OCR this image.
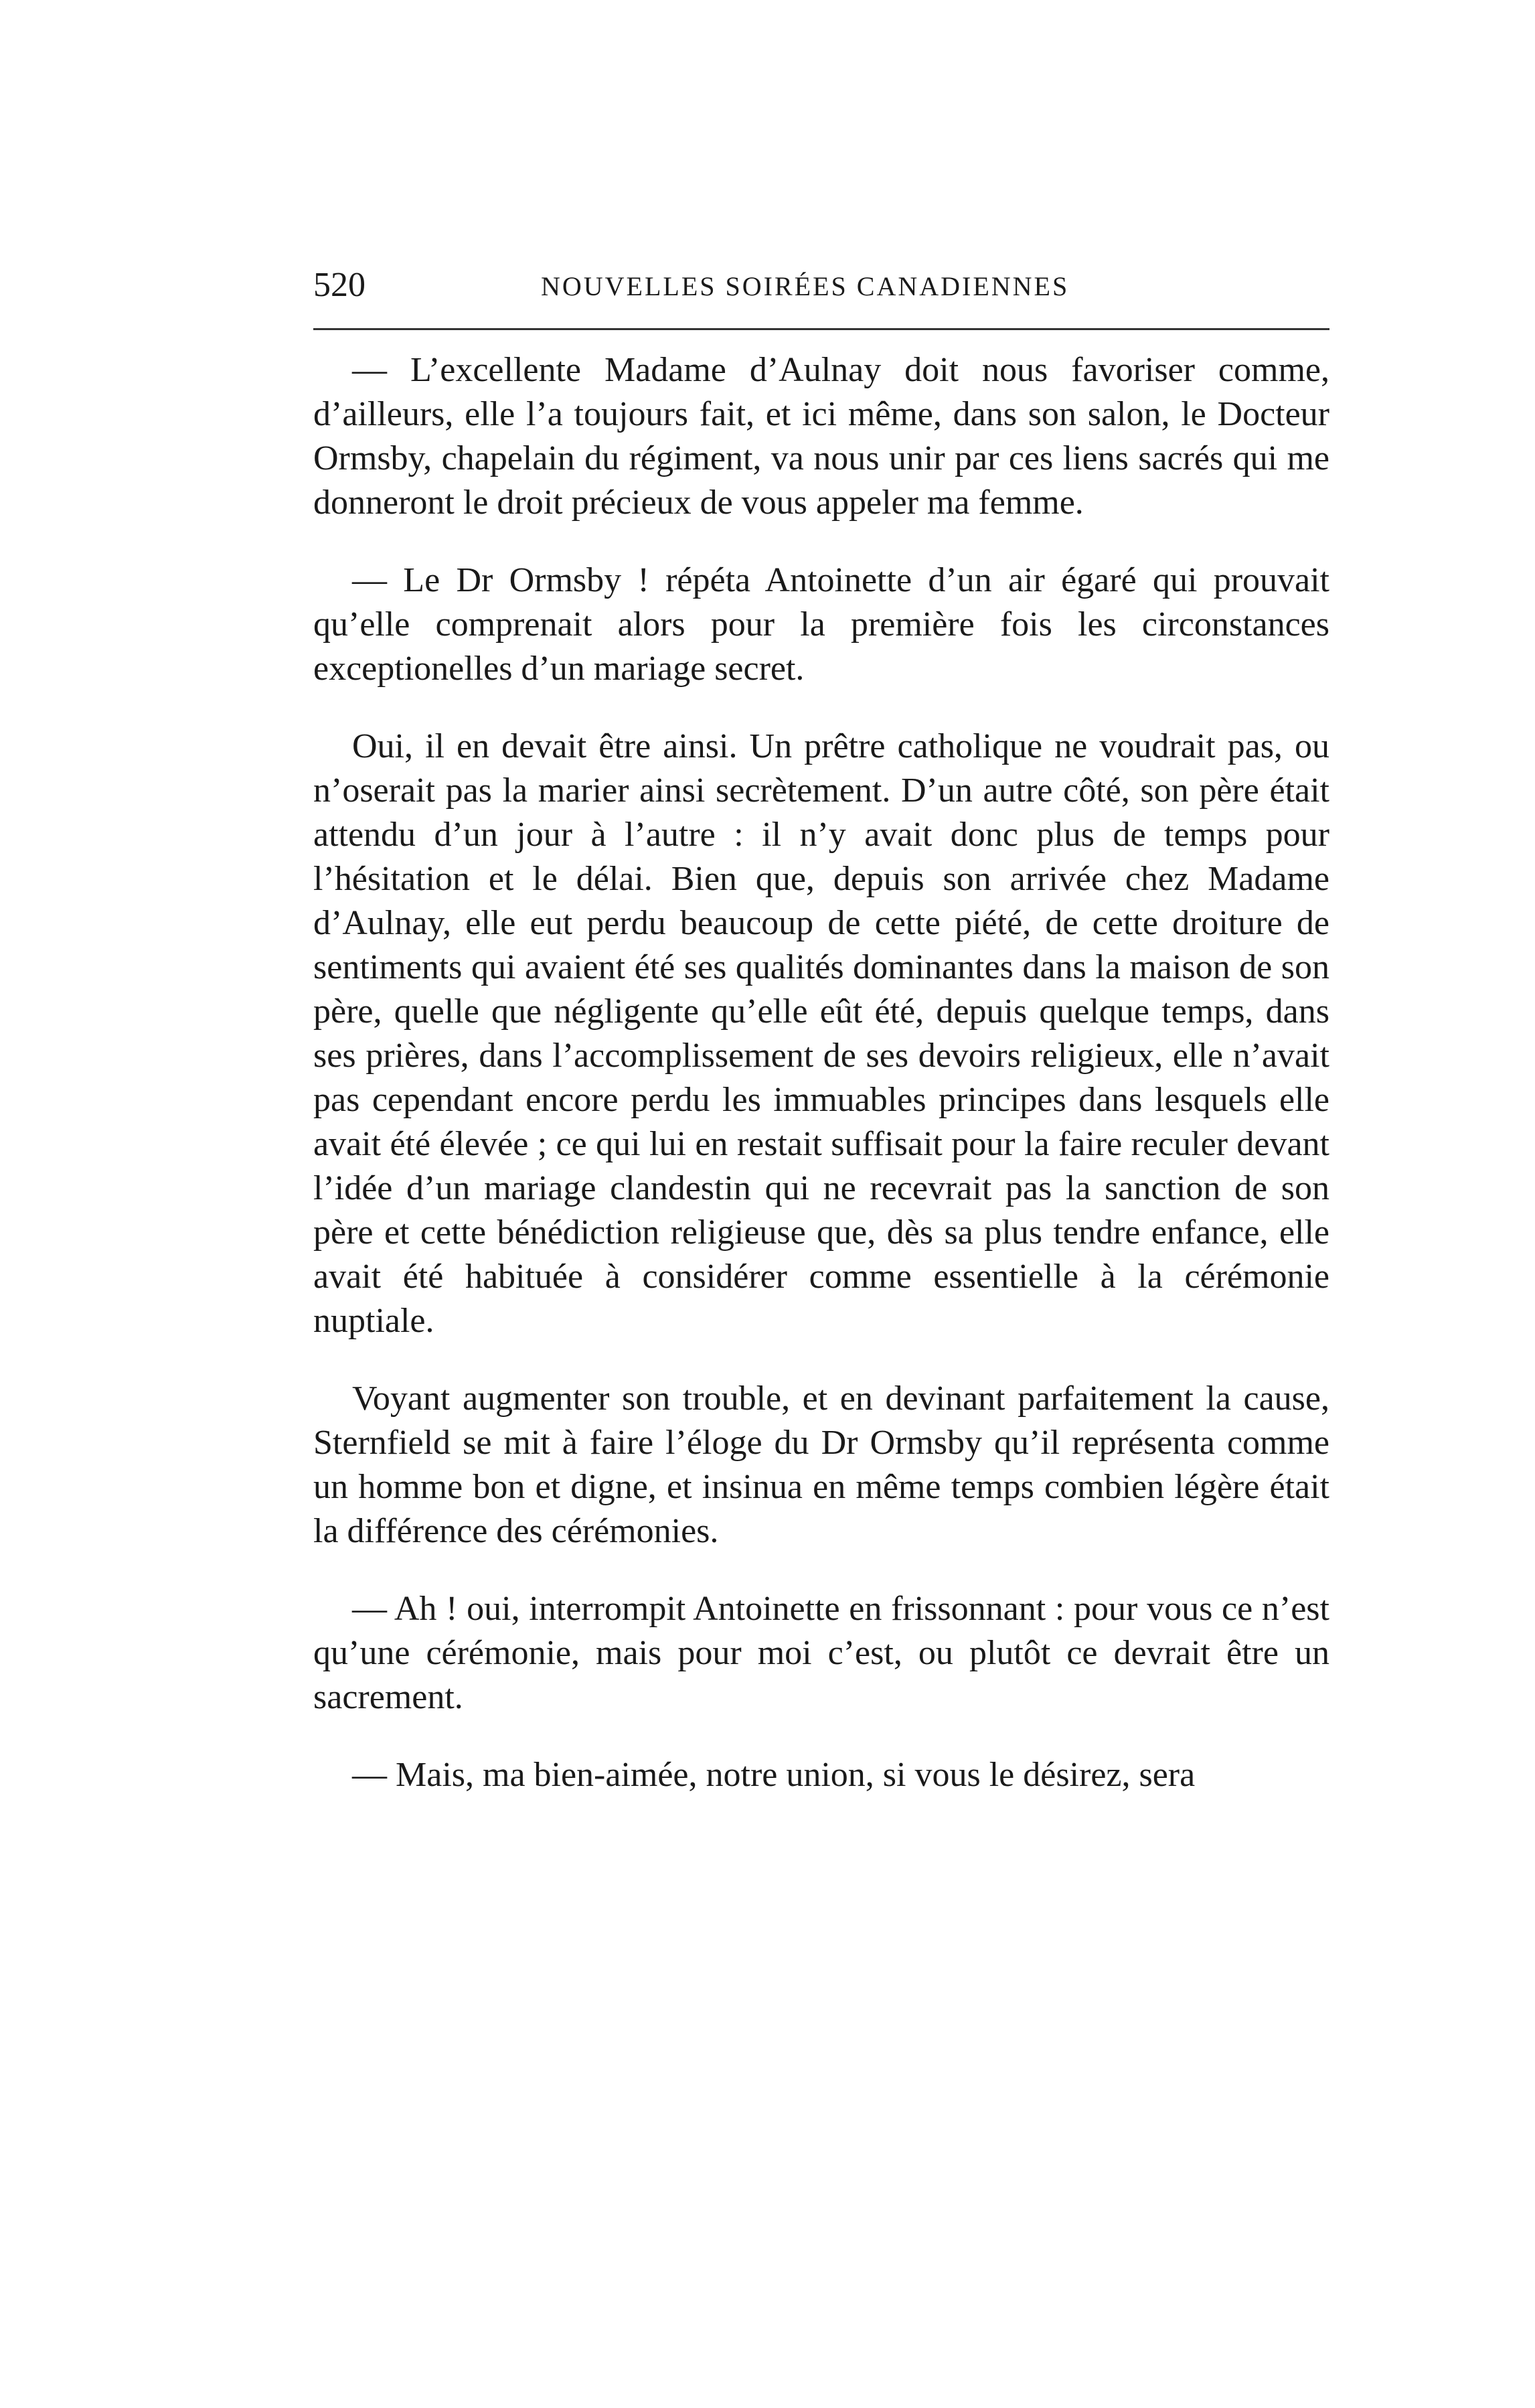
520	NOUVELLES SOIRÉES CANADIENNES

— L’excellente Madame d’Aulnay doit nous favoriser comme, d’ailleurs, elle l’a toujours fait, et ici même, dans son salon, le Docteur Ormsby, chapelain du régiment, va nous unir par ces liens sacrés qui me donneront le droit précieux de vous appeler ma femme.

— Le Dr Ormsby ! répéta Antoinette d’un air égaré qui prouvait qu’elle comprenait alors pour la première fois les circonstances exceptionelles d’un mariage secret.

Oui, il en devait être ainsi. Un prêtre catholique ne voudrait pas, ou n’oserait pas la marier ainsi secrètement. D’un autre côté, son père était attendu d’un jour à l’autre : il n’y avait donc plus de temps pour l’hésitation et le délai. Bien que, depuis son arrivée chez Madame d’Aulnay, elle eut perdu beaucoup de cette piété, de cette droiture de sentiments qui avaient été ses qualités dominantes dans la maison de son père, quelle que négligente qu’elle eût été, depuis quelque temps, dans ses prières, dans l’accomplissement de ses devoirs religieux, elle n’avait pas cependant encore perdu les immuables principes dans lesquels elle avait été élevée ; ce qui lui en restait suffisait pour la faire reculer devant l’idée d’un mariage clandestin qui ne recevrait pas la sanction de son père et cette bénédiction religieuse que, dès sa plus tendre enfance, elle avait été habituée à considérer comme essentielle à la cérémonie nuptiale.

Voyant augmenter son trouble, et en devinant parfaitement la cause, Sternfield se mit à faire l’éloge du Dr Ormsby qu’il représenta comme un homme bon et digne, et insinua en même temps combien légère était la différence des cérémonies.

— Ah ! oui, interrompit Antoinette en frissonnant : pour vous ce n’est qu’une cérémonie, mais pour moi c’est, ou plutôt ce devrait être un sacrement.

— Mais, ma bien-aimée, notre union, si vous le désirez, sera
